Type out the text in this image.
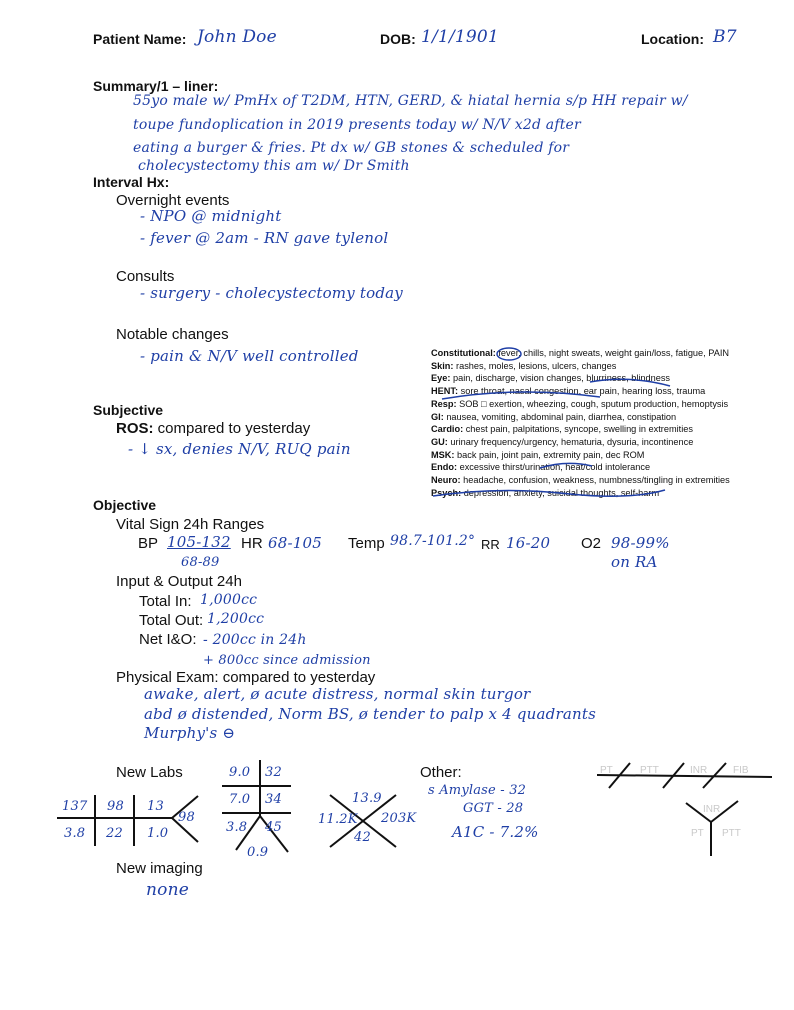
Patient Name: John Doe	DOB: 1/1/1901	Location: B7
Summary/1 – liner:
55yo male w/ PmHx of T2DM, HTN, GERD, & hiatal hernia s/p HH repair w/
toupe fundoplication in 2019 presents today w/ N/V x2d after
eating a burger & fries. Pt dx w/ GB stones & scheduled for
cholecystectomy this am w/ Dr Smith
Interval Hx:
Overnight events
- NPO @ midnight
- fever @ 2am - RN gave tylenol
Consults
- surgery - cholecystectomy today
Notable changes
- pain & N/V well controlled	Constitutional: fever, chills, night sweats, weight gain/loss, fatigue, PAIN
Skin: rashes, moles, lesions, ulcers, changes
Eye: pain, discharge, vision changes, blurriness, blindness
HENT: sore throat, nasal congestion, ear pain, hearing loss, trauma
Resp: SOB □ exertion, wheezing, cough, sputum production, hemoptysis
GI: nausea, vomiting, abdominal pain, diarrhea, constipation
Cardio: chest pain, palpitations, syncope, swelling in extremities
GU: urinary frequency/urgency, hematuria, dysuria, incontinence
MSK: back pain, joint pain, extremity pain, dec ROM
Endo: excessive thirst/urination, heat/cold intolerance
Neuro: headache, confusion, weakness, numbness/tingling in extremities
Psych: depression, anxiety, suicidal thoughts, self-harm
Subjective
ROS: compared to yesterday
- ↓ sx, denies N/V, RUQ pain
Objective
Vital Sign 24h Ranges
BP 105-132
68-89
HR 68-105 Temp 98.7-101.2° RR 16-20 O2 98-99%
on RA
Input & Output 24h
Total In: 1,000cc
Total Out: 1,200cc
Net I&O: - 200cc in 24h
+ 800cc since admission
Physical Exam: compared to yesterday
awake, alert, ø acute distress, normal skin turgor
abd ø distended, Norm BS, ø tender to palp x 4 quadrants
Murphy's ⊖
New Labs	PT	PTT	INR	FIB
INR
PT PTT
137 98 13
98
3.8 22 1.0
9.0 32
7.0 34
3.8 45
0.9
13.9
11.2K 203K
42
Other:
s Amylase - 32
GGT - 28
A1C - 7.2%
New imaging
none
